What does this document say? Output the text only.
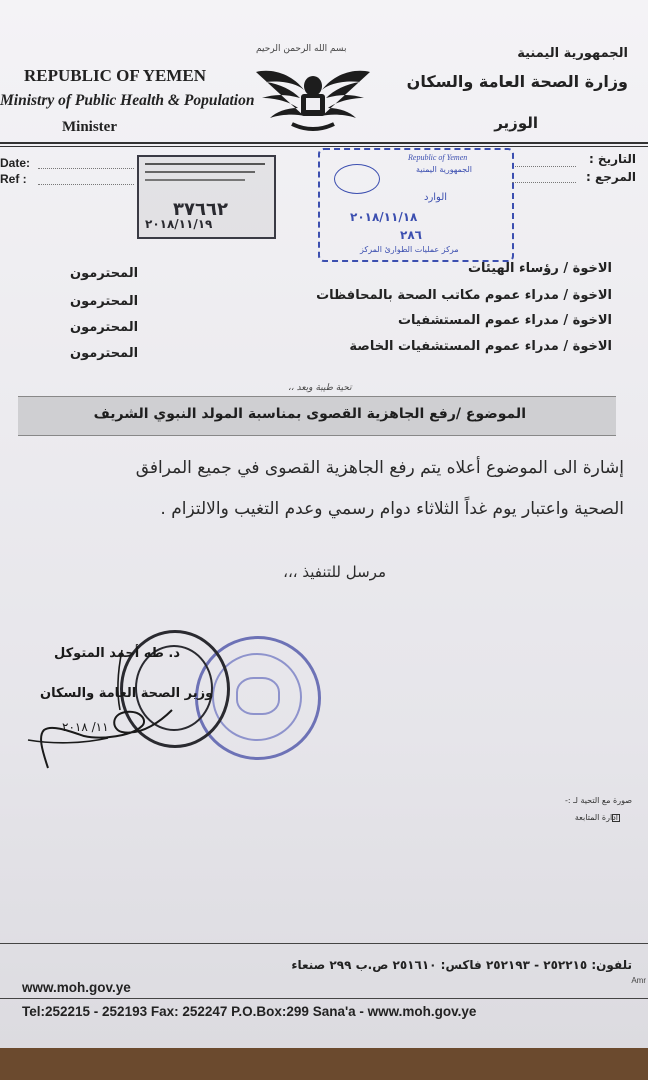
REPUBLIC OF YEMEN

Ministry of Public Health & Population

Minister

بسم الله الرحمن الرحيم	الجمهورية اليمنية

وزارة الصحة العامة والسكان

الوزير

Date:

Ref :

التاريخ :

المرجع :

٣٧٦٦٢

٢٠١٨/١١/١٩

Republic of Yemen

الجمهورية اليمنية

الوارد

٢٠١٨/١١/١٨

٢٨٦

مركز عمليات الطوارئ المركز

الاخوة / رؤساء الهيئات

الاخوة / مدراء عموم مكاتب الصحة بالمحافظات

الاخوة / مدراء عموم المستشفيات

الاخوة / مدراء عموم المستشفيات الخاصة

المحترمون

المحترمون

المحترمون

المحترمون

تحية طيبة وبعد ،،

الموضوع /رفع الجاهزية القصوى بمناسبة المولد النبوي الشريف

إشارة الى الموضوع أعلاه يتم رفع الجاهزية القصوى في جميع المرافق

الصحية واعتبار يوم غداً الثلاثاء دوام رسمي وعدم التغيب والالتزام .

مرسل للتنفيذ ،،،

د. طه أحمد المتوكل

وزير الصحة العامة والسكان

١١/ ٢٠١٨

صورة مع التحية لـ :-

ادارة المتابعة

تلفون: ٢٥٢٢١٥ - ٢٥٢١٩٣ فاكس: ٢٥١٦١٠ ص.ب ٢٩٩ صنعاء

Amr

www.moh.gov.ye

Tel:252215 - 252193 Fax: 252247 P.O.Box:299 Sana'a - www.moh.gov.ye
